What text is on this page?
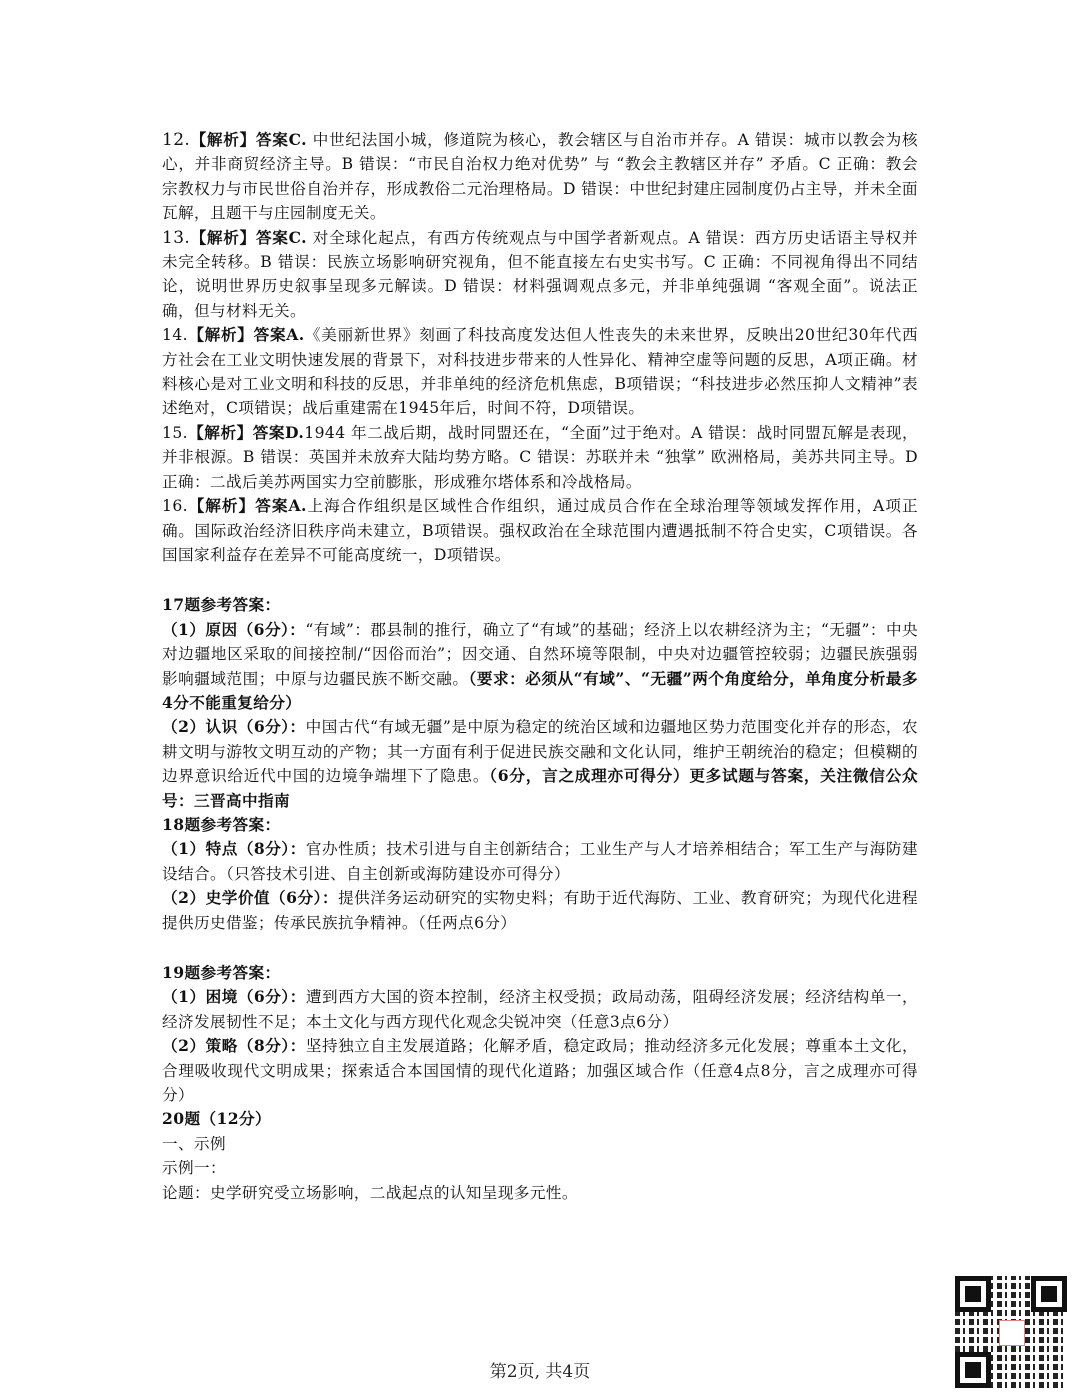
12.【解析】答案C. 中世纪法国小城，修道院为核心，教会辖区与自治市并存。A 错误：城市以教会为核心，并非商贸经济主导。B 错误：“市民自治权力绝对优势” 与 “教会主教辖区并存” 矛盾。C 正确：教会宗教权力与市民世俗自治并存，形成教俗二元治理格局。D 错误：中世纪封建庄园制度仍占主导，并未全面瓦解，且题干与庄园制度无关。

13.【解析】答案C. 对全球化起点，有西方传统观点与中国学者新观点。A 错误：西方历史话语主导权并未完全转移。B 错误：民族立场影响研究视角，但不能直接左右史实书写。C 正确：不同视角得出不同结论，说明世界历史叙事呈现多元解读。D 错误：材料强调观点多元，并非单纯强调 “客观全面”。说法正确，但与材料无关。

14.【解析】答案A.《美丽新世界》刻画了科技高度发达但人性丧失的未来世界，反映出20世纪30年代西方社会在工业文明快速发展的背景下，对科技进步带来的人性异化、精神空虚等问题的反思，A项正确。材料核心是对工业文明和科技的反思，并非单纯的经济危机焦虑，B项错误；“科技进步必然压抑人文精神”表述绝对，C项错误；战后重建需在1945年后，时间不符，D项错误。

15.【解析】答案D.1944 年二战后期，战时同盟还在，“全面”过于绝对。A 错误：战时同盟瓦解是表现，并非根源。B 错误：英国并未放弃大陆均势方略。C 错误：苏联并未 “独掌” 欧洲格局，美苏共同主导。D 正确：二战后美苏两国实力空前膨胀，形成雅尔塔体系和冷战格局。

16.【解析】答案A.上海合作组织是区域性合作组织，通过成员合作在全球治理等领域发挥作用，A项正确。国际政治经济旧秩序尚未建立，B项错误。强权政治在全球范围内遭遇抵制不符合史实，C项错误。各国国家利益存在差异不可能高度统一，D项错误。

17题参考答案：

（1）原因（6分）：“有域”：郡县制的推行，确立了“有域”的基础；经济上以农耕经济为主；“无疆”：中央对边疆地区采取的间接控制/“因俗而治”；因交通、自然环境等限制，中央对边疆管控较弱；边疆民族强弱影响疆域范围；中原与边疆民族不断交融。（要求：必须从“有域”、“无疆”两个角度给分，单角度分析最多4分不能重复给分）

（2）认识（6分）：中国古代“有域无疆”是中原为稳定的统治区域和边疆地区势力范围变化并存的形态，农耕文明与游牧文明互动的产物；其一方面有利于促进民族交融和文化认同，维护王朝统治的稳定；但模糊的边界意识给近代中国的边境争端埋下了隐患。（6分，言之成理亦可得分）更多试题与答案，关注微信公众号：三晋高中指南

18题参考答案：

（1）特点（8分）：官办性质；技术引进与自主创新结合；工业生产与人才培养相结合；军工生产与海防建设结合。（只答技术引进、自主创新或海防建设亦可得分）

（2）史学价值（6分）：提供洋务运动研究的实物史料；有助于近代海防、工业、教育研究；为现代化进程提供历史借鉴；传承民族抗争精神。（任两点6分）

19题参考答案：

（1）困境（6分）：遭到西方大国的资本控制，经济主权受损；政局动荡，阻碍经济发展；经济结构单一，经济发展韧性不足；本土文化与西方现代化观念尖锐冲突（任意3点6分）

（2）策略（8分）：坚持独立自主发展道路；化解矛盾，稳定政局；推动经济多元化发展；尊重本土文化，合理吸收现代文明成果；探索适合本国国情的现代化道路；加强区域合作（任意4点8分，言之成理亦可得分）

20题（12分）

一、示例

示例一：

论题：史学研究受立场影响，二战起点的认知呈现多元性。

第2页, 共4页
